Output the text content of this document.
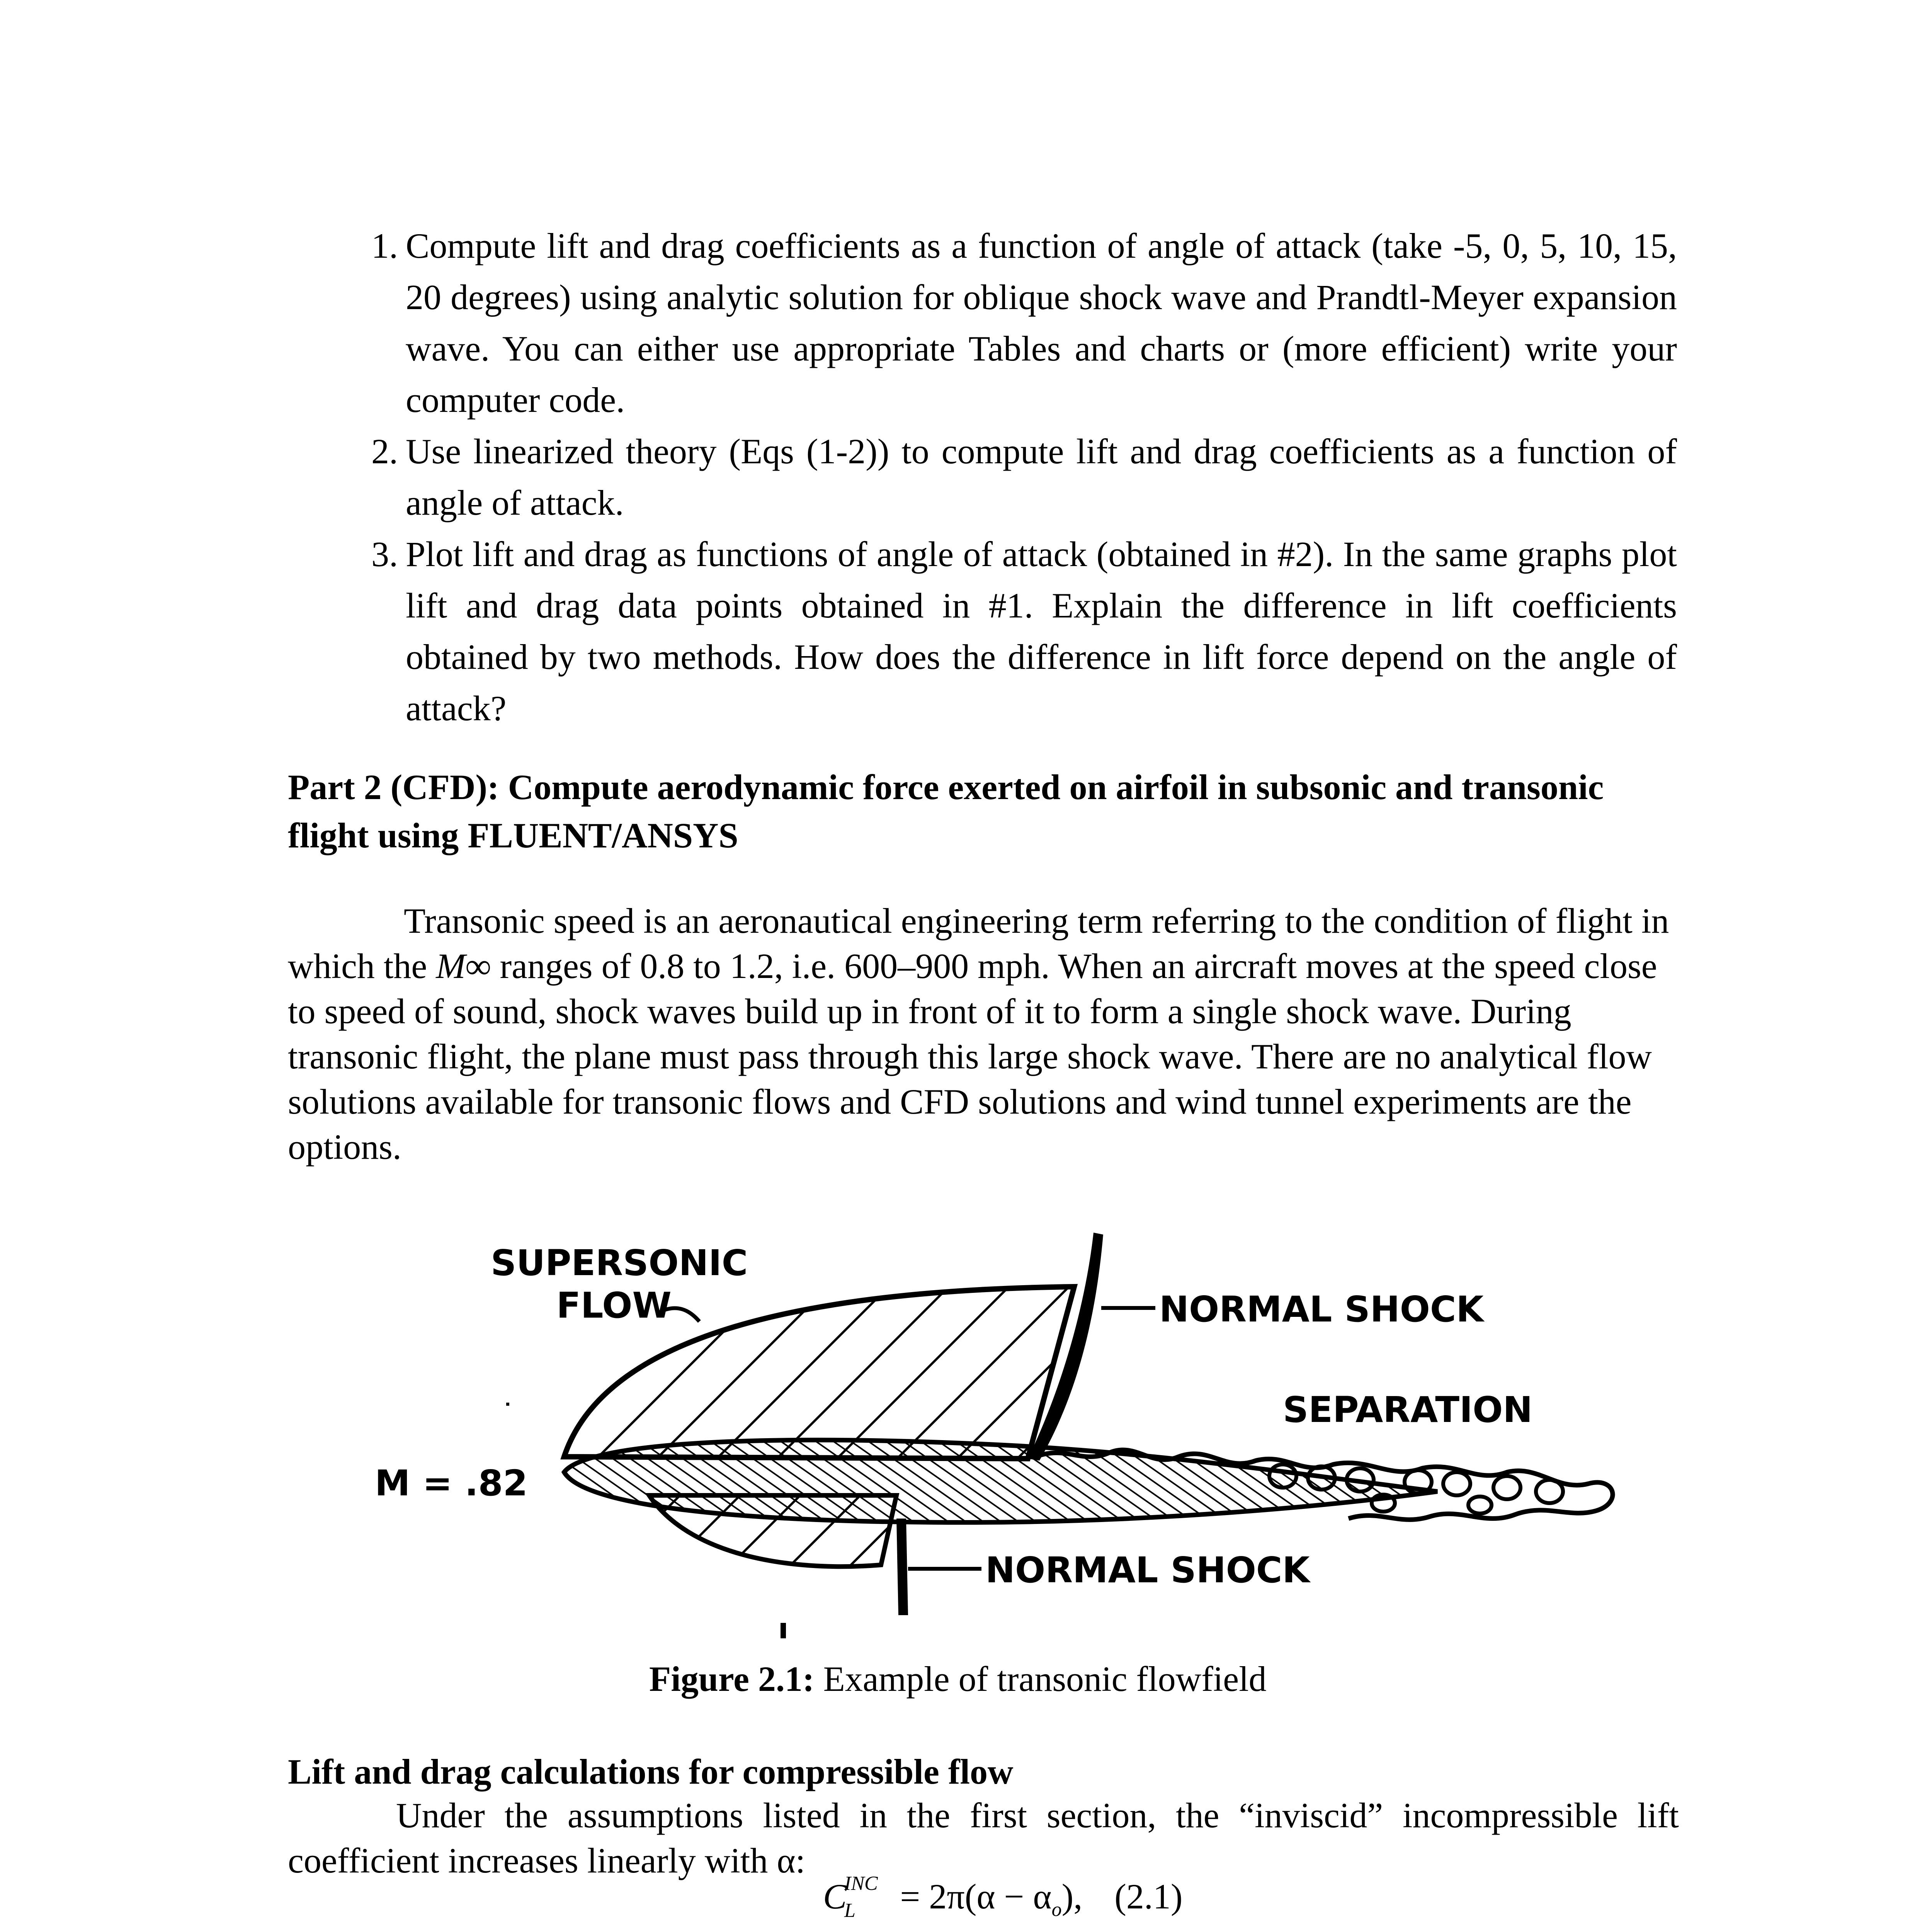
1. Compute lift and drag coefficients as a function of angle of attack (take -5, 0, 5, 10, 15, 20 degrees) using analytic solution for oblique shock wave and Prandtl-Meyer expansion wave. You can either use appropriate Tables and charts or (more efficient) write your computer code.
2. Use linearized theory (Eqs (1-2)) to compute lift and drag coefficients as a function of angle of attack.
3. Plot lift and drag as functions of angle of attack (obtained in #2). In the same graphs plot lift and drag data points obtained in #1. Explain the difference in lift coefficients obtained by two methods. How does the difference in lift force depend on the angle of attack?
Part 2 (CFD): Compute aerodynamic force exerted on airfoil in subsonic and transonic flight using FLUENT/ANSYS
Transonic speed is an aeronautical engineering term referring to the condition of flight in which the M∞ ranges of 0.8 to 1.2, i.e. 600–900 mph. When an aircraft moves at the speed close to speed of sound, shock waves build up in front of it to form a single shock wave. During transonic flight, the plane must pass through this large shock wave. There are no analytical flow solutions available for transonic flows and CFD solutions and wind tunnel experiments are the options.
SUPERSONIC
FLOW	NORMAL SHOCK
SEPARATION
M = .82
NORMAL SHOCK
Figure 2.1: Example of transonic flowfield
Lift and drag calculations for compressible flow
Under the assumptions listed in the first section, the “inviscid” incompressible lift coefficient increases linearly with α:
C
INC
$L = 2\pi(\alpha - \alpha_o)$, (2.1)
